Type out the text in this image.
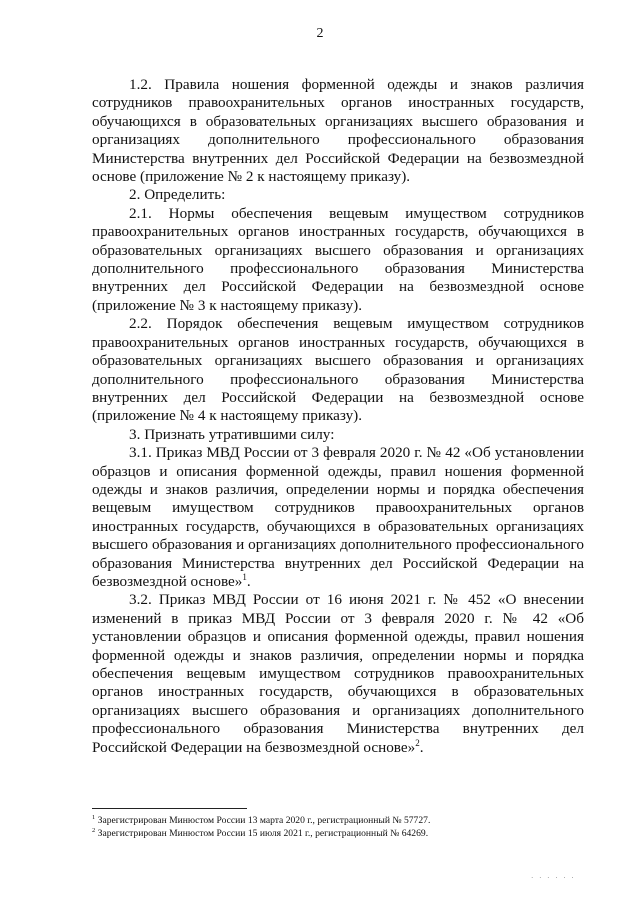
2

1.2. Правила ношения форменной одежды и знаков различия сотрудников правоохранительных органов иностранных государств, обучающихся в образовательных организациях высшего образования и организациях дополнительного профессионального образования Министерства внутренних дел Российской Федерации на безвозмездной основе (приложение № 2 к настоящему приказу).

2. Определить:

2.1. Нормы обеспечения вещевым имуществом сотрудников правоохранительных органов иностранных государств, обучающихся в образовательных организациях высшего образования и организациях дополнительного профессионального образования Министерства внутренних дел Российской Федерации на безвозмездной основе (приложение № 3 к настоящему приказу).

2.2. Порядок обеспечения вещевым имуществом сотрудников правоохранительных органов иностранных государств, обучающихся в образовательных организациях высшего образования и организациях дополнительного профессионального образования Министерства внутренних дел Российской Федерации на безвозмездной основе (приложение № 4 к настоящему приказу).

3. Признать утратившими силу:

3.1. Приказ МВД России от 3 февраля 2020 г. № 42 «Об установлении образцов и описания форменной одежды, правил ношения форменной одежды и знаков различия, определении нормы и порядка обеспечения вещевым имуществом сотрудников правоохранительных органов иностранных государств, обучающихся в образовательных организациях высшего образования и организациях дополнительного профессионального образования Министерства внутренних дел Российской Федерации на безвозмездной основе»$^1$.

3.2. Приказ МВД России от 16 июня 2021 г. № 452 «О внесении изменений в приказ МВД России от 3 февраля 2020 г. № 42 «Об установлении образцов и описания форменной одежды, правил ношения форменной одежды и знаков различия, определении нормы и порядка обеспечения вещевым имуществом сотрудников правоохранительных органов иностранных государств, обучающихся в образовательных организациях высшего образования и организациях дополнительного профессионального образования Министерства внутренних дел Российской Федерации на безвозмездной основе»$^2$.

$^1$ Зарегистрирован Минюстом России 13 марта 2020 г., регистрационный № 57727.

$^2$ Зарегистрирован Минюстом России 15 июля 2021 г., регистрационный № 64269.

· · · · · ·
